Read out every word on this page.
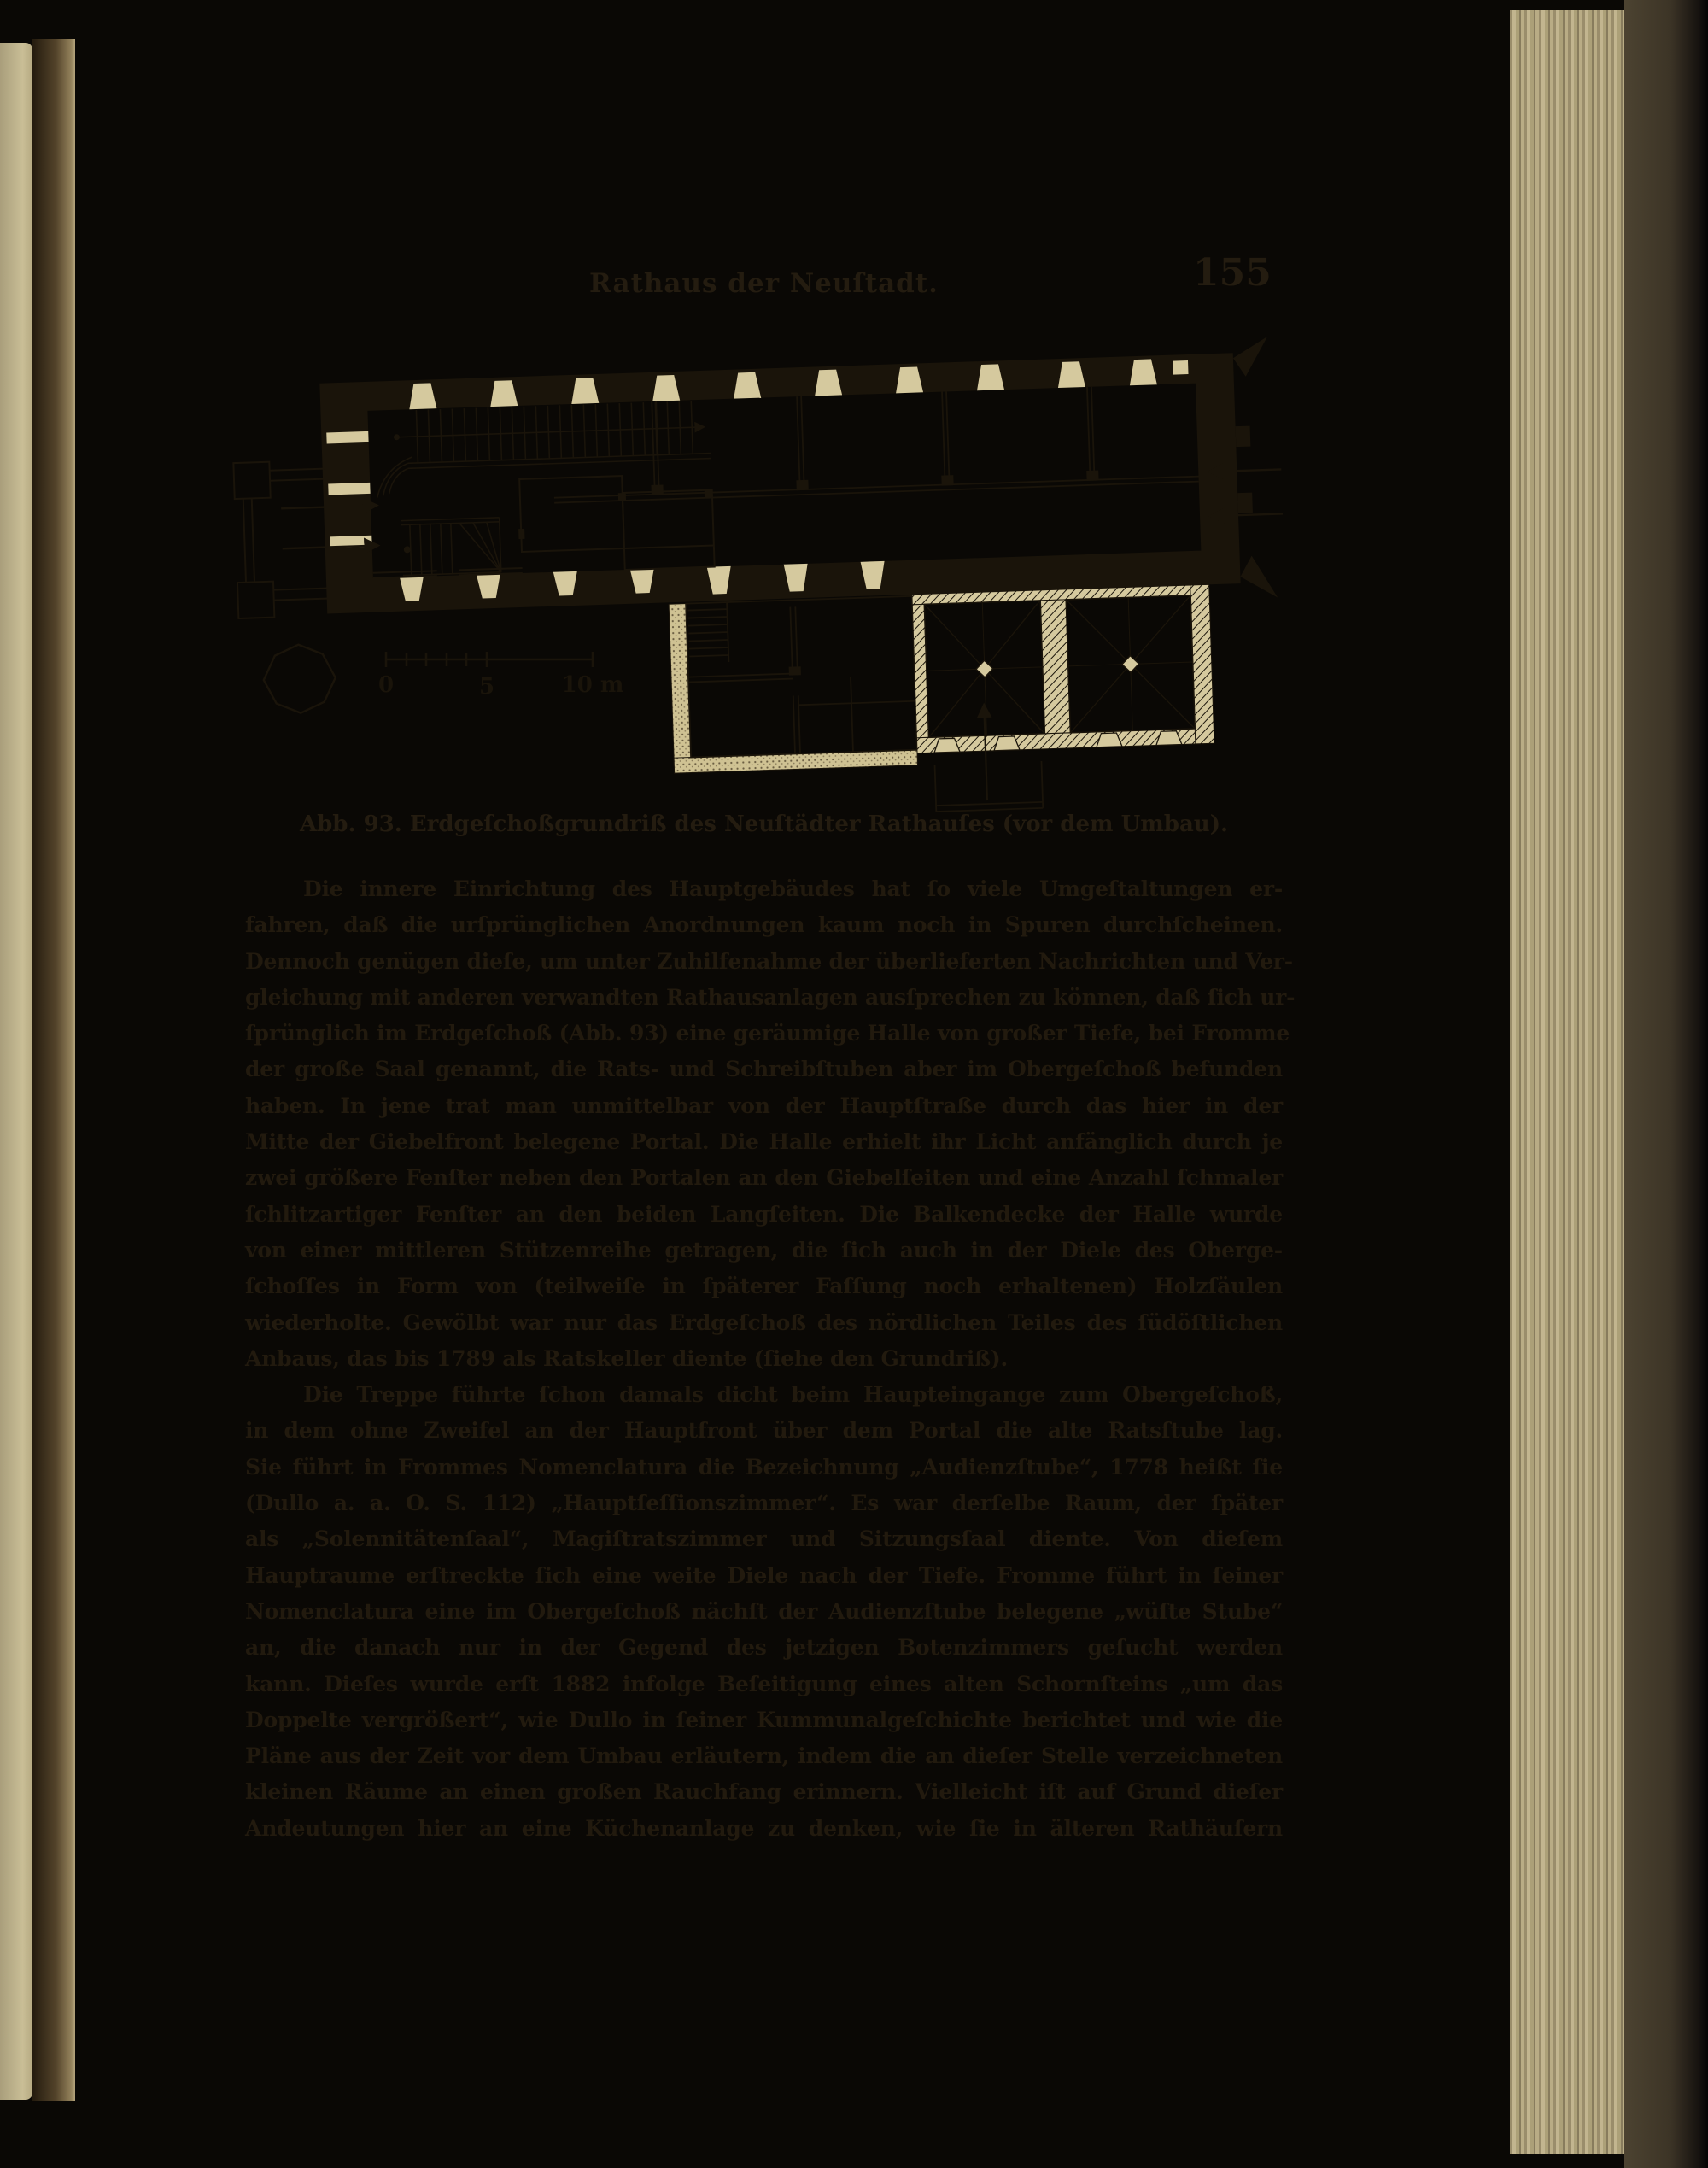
Rathaus der Neuſtadt.	155
0	5	10 m
Abb. 93. Erdgeſchoßgrundriß des Neuſtädter Rathauſes (vor dem Umbau).
Die innere Einrichtung des Hauptgebäudes hat ſo viele Umgeſtaltungen er-
fahren, daß die urſprünglichen Anordnungen kaum noch in Spuren durchſcheinen.
Dennoch genügen dieſe, um unter Zuhilfenahme der überlieferten Nachrichten und Ver-
gleichung mit anderen verwandten Rathausanlagen ausſprechen zu können, daß ſich ur-
ſprünglich im Erdgeſchoß (Abb. 93) eine geräumige Halle von großer Tiefe, bei Fromme
der große Saal genannt, die Rats- und Schreibſtuben aber im Obergeſchoß befunden
haben. In jene trat man unmittelbar von der Hauptſtraße durch das hier in der
Mitte der Giebelfront belegene Portal. Die Halle erhielt ihr Licht anfänglich durch je
zwei größere Fenſter neben den Portalen an den Giebelſeiten und eine Anzahl ſchmaler
ſchlitzartiger Fenſter an den beiden Langſeiten. Die Balkendecke der Halle wurde
von einer mittleren Stützenreihe getragen, die ſich auch in der Diele des Oberge-
ſchoſſes in Form von (teilweiſe in ſpäterer Faſſung noch erhaltenen) Holzſäulen
wiederholte. Gewölbt war nur das Erdgeſchoß des nördlichen Teiles des ſüdöſtlichen
Anbaus, das bis 1789 als Ratskeller diente (ſiehe den Grundriß).
Die Treppe führte ſchon damals dicht beim Haupteingange zum Obergeſchoß,
in dem ohne Zweifel an der Hauptfront über dem Portal die alte Ratsſtube lag.
Sie führt in Frommes Nomenclatura die Bezeichnung „Audienzſtube“, 1778 heißt ſie
(Dullo a. a. O. S. 112) „Hauptſeſſionszimmer“. Es war derſelbe Raum, der ſpäter
als „Solennitätenſaal“, Magiſtratszimmer und Sitzungsſaal diente. Von dieſem
Hauptraume erſtreckte ſich eine weite Diele nach der Tiefe. Fromme führt in ſeiner
Nomenclatura eine im Obergeſchoß nächſt der Audienzſtube belegene „wüſte Stube“
an, die danach nur in der Gegend des jetzigen Botenzimmers geſucht werden
kann. Dieſes wurde erſt 1882 infolge Beſeitigung eines alten Schornſteins „um das
Doppelte vergrößert“, wie Dullo in ſeiner Kummunalgeſchichte berichtet und wie die
Pläne aus der Zeit vor dem Umbau erläutern, indem die an dieſer Stelle verzeichneten
kleinen Räume an einen großen Rauchfang erinnern. Vielleicht iſt auf Grund dieſer
Andeutungen hier an eine Küchenanlage zu denken, wie ſie in älteren Rathäuſern
